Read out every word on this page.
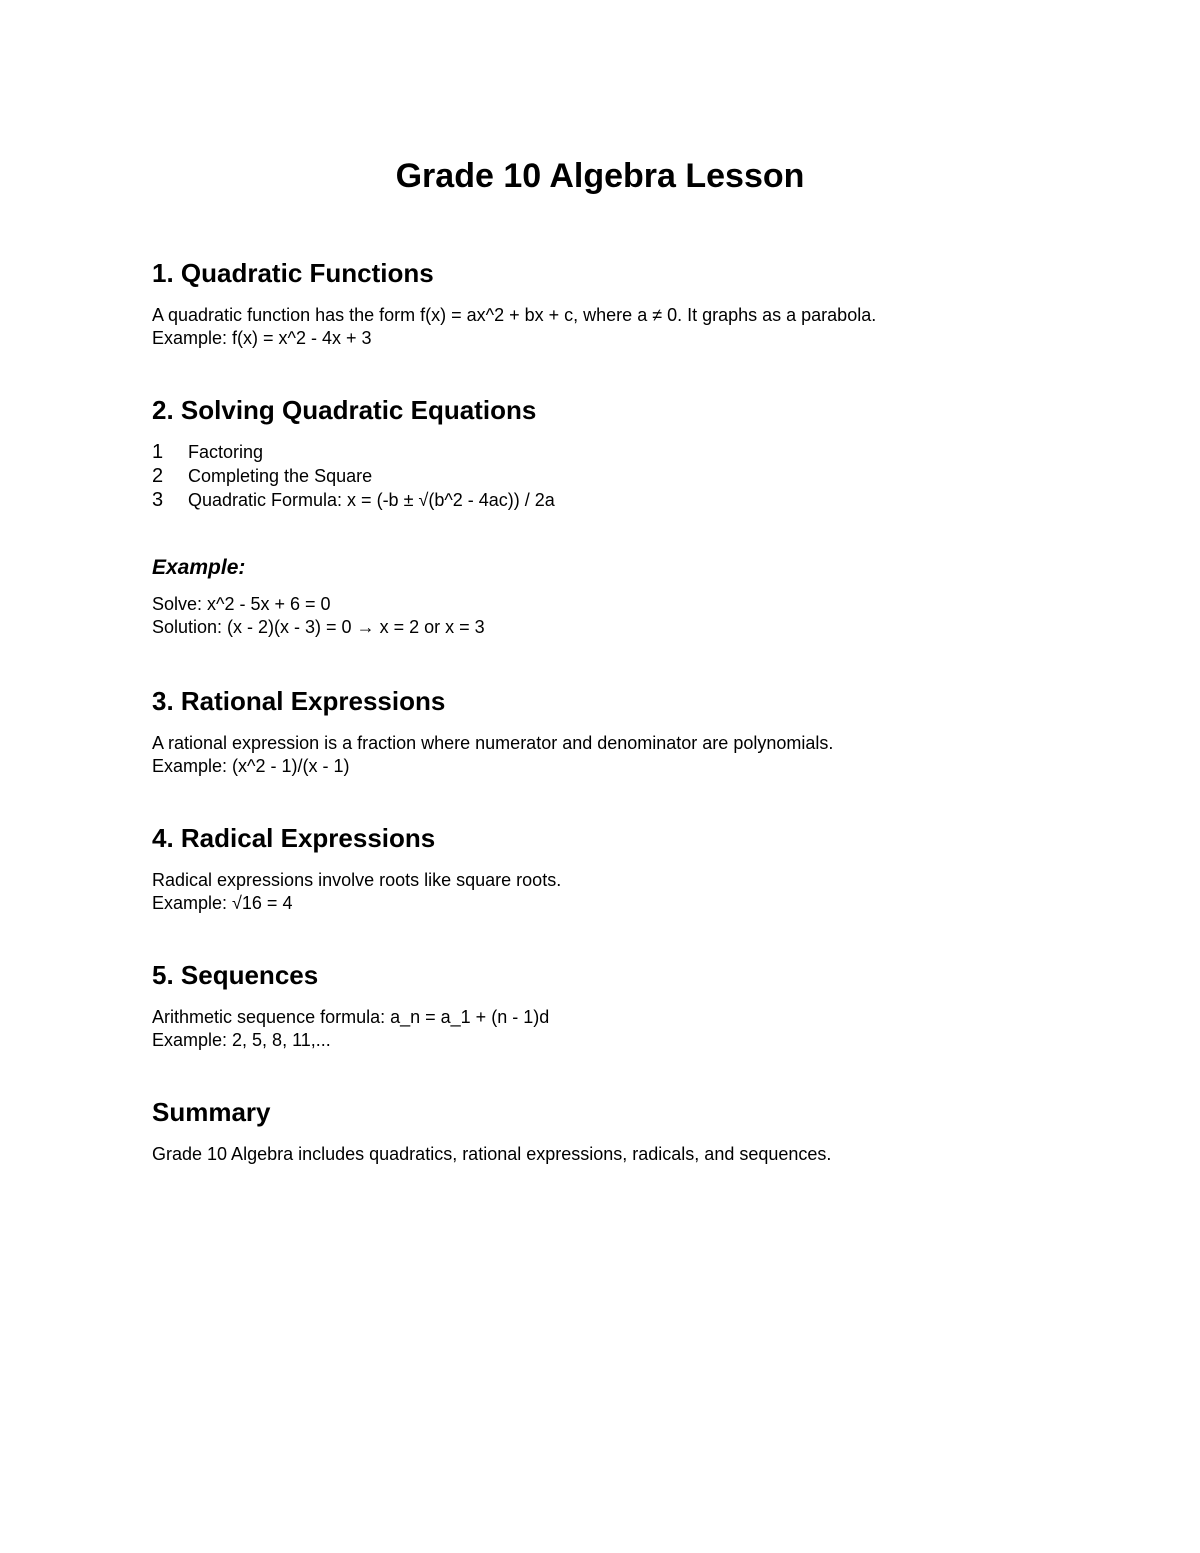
Grade 10 Algebra Lesson
1. Quadratic Functions

A quadratic function has the form f(x) = ax^2 + bx + c, where a ≠ 0. It graphs as a parabola.
Example: f(x) = x^2 - 4x + 3

2. Solving Quadratic Equations
1	Factoring
2	Completing the Square
3	Quadratic Formula: x = (-b ± √(b^2 - 4ac)) / 2a
Example:

Solve: x^2 - 5x + 6 = 0
Solution: (x - 2)(x - 3) = 0 → x = 2 or x = 3

3. Rational Expressions

A rational expression is a fraction where numerator and denominator are polynomials.
Example: (x^2 - 1)/(x - 1)

4. Radical Expressions

Radical expressions involve roots like square roots.
Example: √16 = 4

5. Sequences

Arithmetic sequence formula: a_n = a_1 + (n - 1)d
Example: 2, 5, 8, 11,...

Summary

Grade 10 Algebra includes quadratics, rational expressions, radicals, and sequences.
